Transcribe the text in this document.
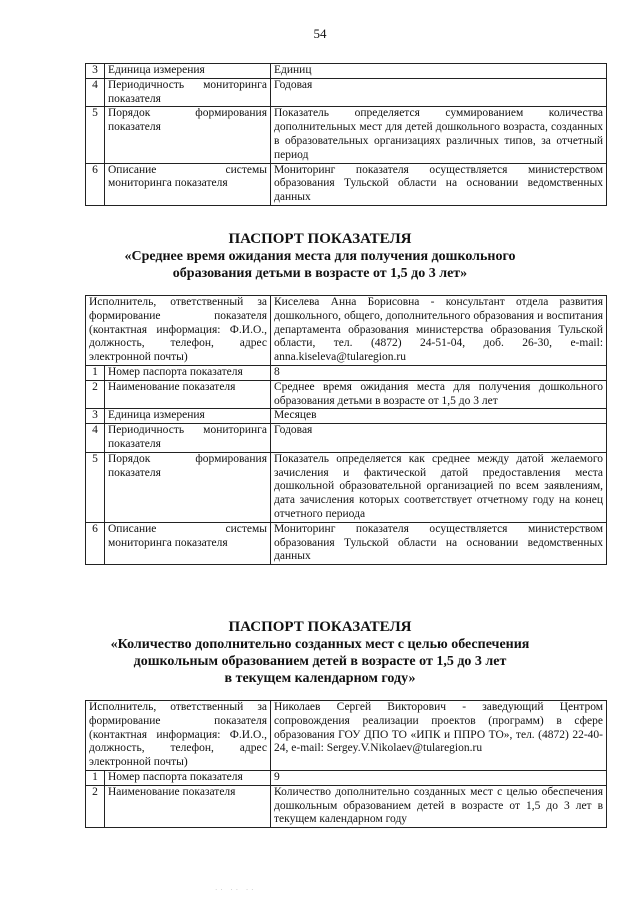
54
3	Единица измерения	Единиц
4	Периодичность мониторинга показателя	Годовая
5	Порядок формирования показателя	Показатель определяется суммированием количества дополнительных мест для детей дошкольного возраста, созданных в образовательных организациях различных типов, за отчетный период
6	Описание системы мониторинга показателя	Мониторинг показателя осуществляется министерством образования Тульской области на основании ведомственных данных
ПАСПОРТ ПОКАЗАТЕЛЯ
«Среднее время ожидания места для получения дошкольного
образования детьми в возрасте от 1,5 до 3 лет»
Исполнитель, ответственный за формирование показателя (контактная информация: Ф.И.О., должность, телефон, адрес электронной почты)		Киселева Анна Борисовна - консультант отдела развития дошкольного, общего, дополнительного образования и воспитания департамента образования министерства образования Тульской области, тел. (4872) 24-51-04, доб. 26-30, e-mail: anna.kiseleva@tularegion.ru
1	Номер паспорта показателя	8
2	Наименование показателя	Среднее время ожидания места для получения дошкольного образования детьми в возрасте от 1,5 до 3 лет
3	Единица измерения	Месяцев
4	Периодичность мониторинга показателя	Годовая
5	Порядок формирования показателя	Показатель определяется как среднее между датой желаемого зачисления и фактической датой предоставления места дошкольной образовательной организацией по всем заявлениям, дата зачисления которых соответствует отчетному году на конец отчетного периода
6	Описание системы мониторинга показателя	Мониторинг показателя осуществляется министерством образования Тульской области на основании ведомственных данных
ПАСПОРТ ПОКАЗАТЕЛЯ
«Количество дополнительно созданных мест с целью обеспечения
дошкольным образованием детей в возрасте от 1,5 до 3 лет
в текущем календарном году»
Исполнитель, ответственный за формирование показателя (контактная информация: Ф.И.О., должность, телефон, адрес электронной почты)		Николаев Сергей Викторович - заведующий Центром сопровождения реализации проектов (программ) в сфере образования ГОУ ДПО ТО «ИПК и ППРО ТО», тел. (4872) 22-40-24, e-mail: Sergey.V.Nikolaev@tularegion.ru
1	Номер паспорта показателя	9
2	Наименование показателя	Количество дополнительно созданных мест с целью обеспечения дошкольным образованием детей в возрасте от 1,5 до 3 лет в текущем календарном году
·· ·· ··
